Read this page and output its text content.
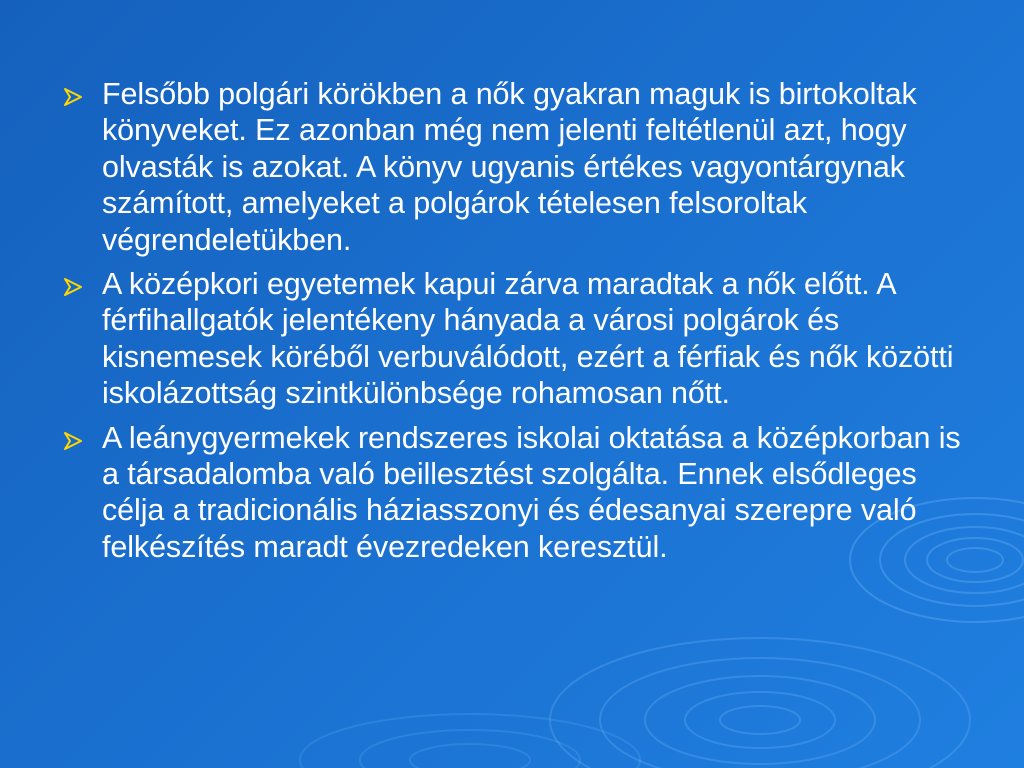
Felsőbb polgári körökben a nők gyakran maguk is birtokoltak könyveket. Ez azonban még nem jelenti feltétlenül azt, hogy olvasták is azokat. A könyv ugyanis értékes vagyontárgynak számított, amelyeket a polgárok tételesen felsoroltak végrendeletükben.
A középkori egyetemek kapui zárva maradtak a nők előtt. A férfihallgatók jelentékeny hányada a városi polgárok és kisnemesek köréből verbuválódott, ezért a férfiak és nők közötti iskolázottság szintkülönbsége rohamosan nőtt.
A leánygyermekek rendszeres iskolai oktatása a középkorban is a társadalomba való beillesztést szolgálta. Ennek elsődleges célja a tradicionális háziasszonyi és édesanyai szerepre való felkészítés maradt évezredeken keresztül.
